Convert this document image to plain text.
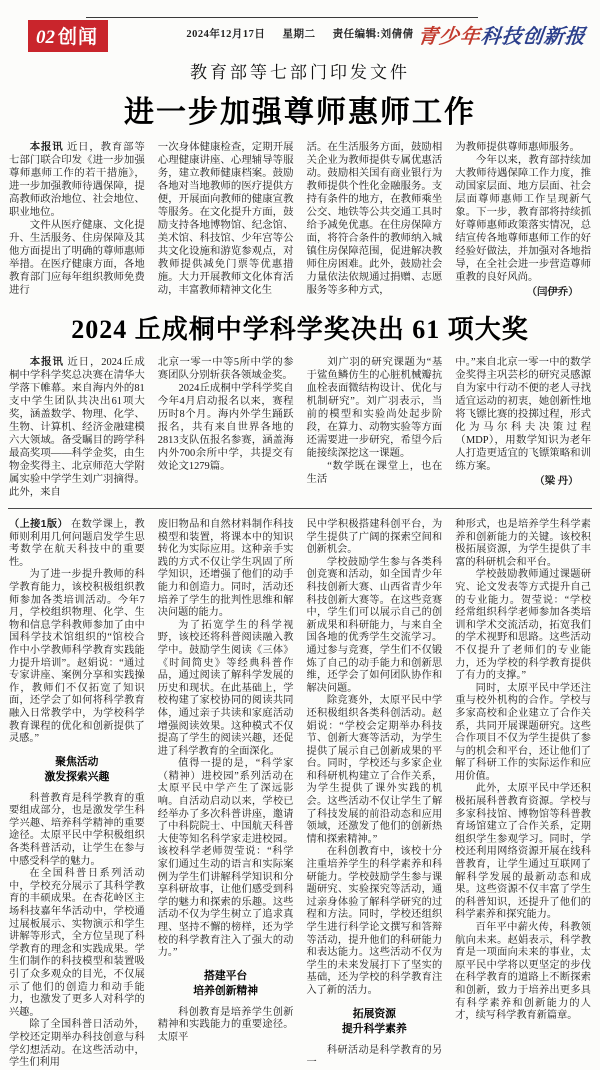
02 创闻	2024年12月17日 星期二 责任编辑:刘倩倩 青少年科技创新报
教育部等七部门印发文件
进一步加强尊师惠师工作

本报讯 近日，教育部等七部门联合印发《进一步加强尊师惠师工作的若干措施》，进一步加强教师待遇保障，提高教师政治地位、社会地位、职业地位。

文件从医疗健康、文化提升、生活服务、住房保障及其他方面提出了明确的尊师惠师举措。在医疗健康方面，各地教育部门应每年组织教师免费进行

一次身体健康检查，定期开展心理健康讲座、心理辅导等服务，建立教师健康档案。鼓励各地对当地教师的医疗提供方便，开展面向教师的健康宣教等服务。在文化提升方面，鼓励支持各地博物馆、纪念馆、美术馆、科技馆、少年宫等公共文化设施和游览参观点，对教师提供减免门票等优惠措施。大力开展教师文化体育活动，丰富教师精神文化生

活。在生活服务方面，鼓励相关企业为教师提供专属优惠活动。鼓励相关国有商业银行为教师提供个性化金融服务。支持有条件的地方，在教师乘坐公交、地铁等公共交通工具时给予减免优惠。在住房保障方面，将符合条件的教师纳入城镇住房保障范围，促进解决教师住房困难。此外，鼓励社会力量依法依规通过捐赠、志愿服务等多种方式，

为教师提供尊师惠师服务。

今年以来，教育部持续加大教师待遇保障工作力度，推动国家层面、地方层面、社会层面尊师惠师工作呈现新气象。下一步，教育部将持续抓好尊师惠师政策落实情况，总结宣传各地尊师惠师工作的好经验好做法，并加强对各地指导，在全社会进一步营造尊师重教的良好风尚。

（闫伊乔）

2024 丘成桐中学科学奖决出 61 项大奖

本报讯 近日，2024丘成桐中学科学奖总决赛在清华大学落下帷幕。来自海内外的81支中学生团队共决出61项大奖，涵盖数学、物理、化学、生物、计算机、经济金融建模六大领域。备受瞩目的跨学科最高奖项——科学金奖，由生物金奖得主、北京师范大学附属实验中学学生刘广羽摘得。此外，来自

北京一零一中等5所中学的参赛团队分别斩获各领域金奖。

2024丘成桐中学科学奖自今年4月启动报名以来，赛程历时8个月。海内外学生踊跃报名，共有来自世界各地的2813支队伍报名参赛，涵盖海内外700余所中学，共提交有效论文1279篇。

刘广羽的研究课题为“基于鲨鱼鳞仿生的心脏机械瓣抗血栓表面微结构设计、优化与机制研究”。刘广羽表示，当前的模型和实验尚处起步阶段，在算力、动物实验等方面还需要进一步研究，希望今后能接续深挖这一课题。

“数学既在课堂上，也在生活

中。”来自北京一零一中的数学金奖得主巩芸杉的研究灵感源自为家中行动不便的老人寻找适宜运动的初衷，她创新性地将飞镖比赛的投掷过程，形式化为马尔科夫决策过程（MDP），用数学知识为老年人打造更适宜的飞镖策略和训练方案。

（梁 丹）

（上接1版） 在数学课上，教师则利用几何问题启发学生思考数学在航天科技中的重要性。

为了进一步提升教师的科学教育能力，该校积极组织教师参加各类培训活动。今年7月，学校组织物理、化学、生物和信息学科教师参加了由中国科学技术馆组织的“馆校合作中小学教师科学教育实践能力提升培训”。赵娟说：“通过专家讲座、案例分享和实践操作，教师们不仅拓宽了知识面，还学会了如何将科学教育融入日常教学中，为学校科学教育课程的优化和创新提供了灵感。”

聚焦活动
激发探索兴趣

科普教育是科学教育的重要组成部分，也是激发学生科学兴趣、培养科学精神的重要途径。太原平民中学积极组织各类科普活动，让学生在参与中感受科学的魅力。

在全国科普日系列活动中，学校充分展示了其科学教育的丰硕成果。在杏花岭区主场科技嘉年华活动中，学校通过展板展示、实物演示和学生讲解等形式，全方位呈现了科学教育的理念和实践成果。学生们制作的科技模型和装置吸引了众多观众的目光，不仅展示了他们的创造力和动手能力，也激发了更多人对科学的兴趣。

除了全国科普日活动外，学校还定期举办科技创意与科学幻想活动。在这些活动中，学生们利用

废旧物品和自然材料制作科技模型和装置，将课本中的知识转化为实际应用。这种亲手实践的方式不仅让学生巩固了所学知识，还增强了他们的动手能力和创造力。同时，活动还培养了学生的批判性思维和解决问题的能力。

为了拓宽学生的科学视野，该校还将科普阅读融入教学中。鼓励学生阅读《三体》《时间简史》等经典科普作品，通过阅读了解科学发展的历史和现状。在此基础上，学校构建了家校协同的阅读共同体，通过亲子共读和家庭活动增强阅读效果。这种模式不仅提高了学生的阅读兴趣，还促进了科学教育的全面深化。

值得一提的是，“科学家（精神）进校园”系列活动在太原平民中学产生了深远影响。自活动启动以来，学校已经举办了多次科普讲座，邀请了中科院院士、中国航天科普大使等知名科学家走进校园。该校科学老师贺莹说：“科学家们通过生动的语言和实际案例为学生们讲解科学知识和分享科研故事，让他们感受到科学的魅力和探索的乐趣。这些活动不仅为学生树立了追求真理、坚持不懈的榜样，还为学校的科学教育注入了强大的动力。”

搭建平台
培养创新精神

科创教育是培养学生创新精神和实践能力的重要途径。太原平

民中学积极搭建科创平台，为学生提供了广阔的探索空间和创新机会。

学校鼓励学生参与各类科创竞赛和活动，如全国青少年科技创新大赛、山西省青少年科技创新大赛等。在这些竞赛中，学生们可以展示自己的创新成果和科研能力，与来自全国各地的优秀学生交流学习。通过参与竞赛，学生们不仅锻炼了自己的动手能力和创新思维，还学会了如何团队协作和解决问题。

除竞赛外，太原平民中学还积极组织各类科创活动。赵娟说：“学校会定期举办科技节、创新大赛等活动，为学生提供了展示自己创新成果的平台。同时，学校还与多家企业和科研机构建立了合作关系，为学生提供了课外实践的机会。这些活动不仅让学生了解了科技发展的前沿动态和应用领域，还激发了他们的创新热情和探索精神。”

在科创教育中，该校十分注重培养学生的科学素养和科研能力。学校鼓励学生参与课题研究、实验探究等活动，通过亲身体验了解科学研究的过程和方法。同时，学校还组织学生进行科学论文撰写和答辩等活动，提升他们的科研能力和表达能力。这些活动不仅为学生的未来发展打下了坚实的基础，还为学校的科学教育注入了新的活力。

拓展资源
提升科学素养

科研活动是科学教育的另一

种形式，也是培养学生科学素养和创新能力的关键。该校积极拓展资源，为学生提供了丰富的科研机会和平台。

学校鼓励教师通过课题研究、论文发表等方式提升自己的专业能力。贺莹说：“学校经常组织科学老师参加各类培训和学术交流活动，拓宽我们的学术视野和思路。这些活动不仅提升了老师们的专业能力，还为学校的科学教育提供了有力的支撑。”

同时，太原平民中学还注重与校外机构的合作。学校与多家高校和企业建立了合作关系，共同开展课题研究。这些合作项目不仅为学生提供了参与的机会和平台，还让他们了解了科研工作的实际运作和应用价值。

此外，太原平民中学还积极拓展科普教育资源。学校与多家科技馆、博物馆等科普教育场馆建立了合作关系，定期组织学生参观学习。同时，学校还利用网络资源开展在线科普教育，让学生通过互联网了解科学发展的最新动态和成果。这些资源不仅丰富了学生的科普知识，还提升了他们的科学素养和探究能力。

百年平中薪火传，科教领航向未来。赵娟表示，科学教育是一项面向未来的事业，太原平民中学将以更坚定的步伐在科学教育的道路上不断探索和创新，致力于培养出更多具有科学素养和创新能力的人才，续写科学教育新篇章。
